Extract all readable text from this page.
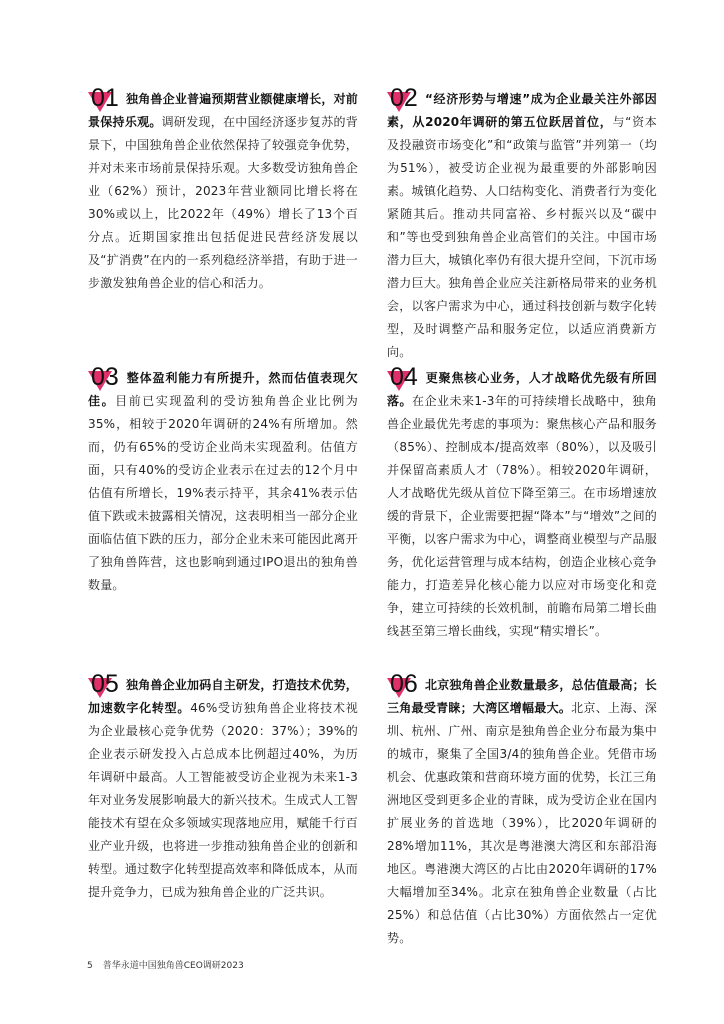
01 独角兽企业普遍预期营业额健康增长，对前景保持乐观。调研发现，在中国经济逐步复苏的背景下，中国独角兽企业依然保持了较强竞争优势，并对未来市场前景保持乐观。大多数受访独角兽企业（62%）预计，2023年营业额同比增长将在30%或以上，比2022年（49%）增长了13个百分点。近期国家推出包括促进民营经济发展以及“扩消费”在内的一系列稳经济举措，有助于进一步激发独角兽企业的信心和活力。

02 “经济形势与增速”成为企业最关注外部因素，从2020年调研的第五位跃居首位，与“资本及投融资市场变化”和“政策与监管”并列第一（均为51%），被受访企业视为最重要的外部影响因素。城镇化趋势、人口结构变化、消费者行为变化紧随其后。推动共同富裕、乡村振兴以及“碳中和”等也受到独角兽企业高管们的关注。中国市场潜力巨大，城镇化率仍有很大提升空间，下沉市场潜力巨大。独角兽企业应关注新格局带来的业务机会，以客户需求为中心，通过科技创新与数字化转型，及时调整产品和服务定位，以适应消费新方向。

03 整体盈利能力有所提升，然而估值表现欠佳。目前已实现盈利的受访独角兽企业比例为35%，相较于2020年调研的24%有所增加。然而，仍有65%的受访企业尚未实现盈利。估值方面，只有40%的受访企业表示在过去的12个月中估值有所增长，19%表示持平，其余41%表示估值下跌或未披露相关情况，这表明相当一部分企业面临估值下跌的压力，部分企业未来可能因此离开了独角兽阵营，这也影响到通过IPO退出的独角兽数量。

04 更聚焦核心业务，人才战略优先级有所回落。在企业未来1-3年的可持续增长战略中，独角兽企业最优先考虑的事项为：聚焦核心产品和服务（85%）、控制成本/提高效率（80%），以及吸引并保留高素质人才（78%）。相较2020年调研，人才战略优先级从首位下降至第三。在市场增速放缓的背景下，企业需要把握“降本”与“增效”之间的平衡，以客户需求为中心，调整商业模型与产品服务，优化运营管理与成本结构，创造企业核心竞争能力，打造差异化核心能力以应对市场变化和竞争，建立可持续的长效机制，前瞻布局第二增长曲线甚至第三增长曲线，实现“精实增长”。

05 独角兽企业加码自主研发，打造技术优势，加速数字化转型。46%受访独角兽企业将技术视为企业最核心竞争优势（2020：37%）；39%的企业表示研发投入占总成本比例超过40%，为历年调研中最高。人工智能被受访企业视为未来1-3年对业务发展影响最大的新兴技术。生成式人工智能技术有望在众多领域实现落地应用，赋能千行百业产业升级，也将进一步推动独角兽企业的创新和转型。通过数字化转型提高效率和降低成本，从而提升竞争力，已成为独角兽企业的广泛共识。

06 北京独角兽企业数量最多，总估值最高；长三角最受青睐；大湾区增幅最大。北京、上海、深圳、杭州、广州、南京是独角兽企业分布最为集中的城市，聚集了全国3/4的独角兽企业。凭借市场机会、优惠政策和营商环境方面的优势，长江三角洲地区受到更多企业的青睐，成为受访企业在国内扩展业务的首选地（39%），比2020年调研的28%增加11%，其次是粤港澳大湾区和东部沿海地区。粤港澳大湾区的占比由2020年调研的17%大幅增加至34%。北京在独角兽企业数量（占比25%）和总估值（占比30%）方面依然占一定优势。

5 普华永道中国独角兽CEO调研2023
